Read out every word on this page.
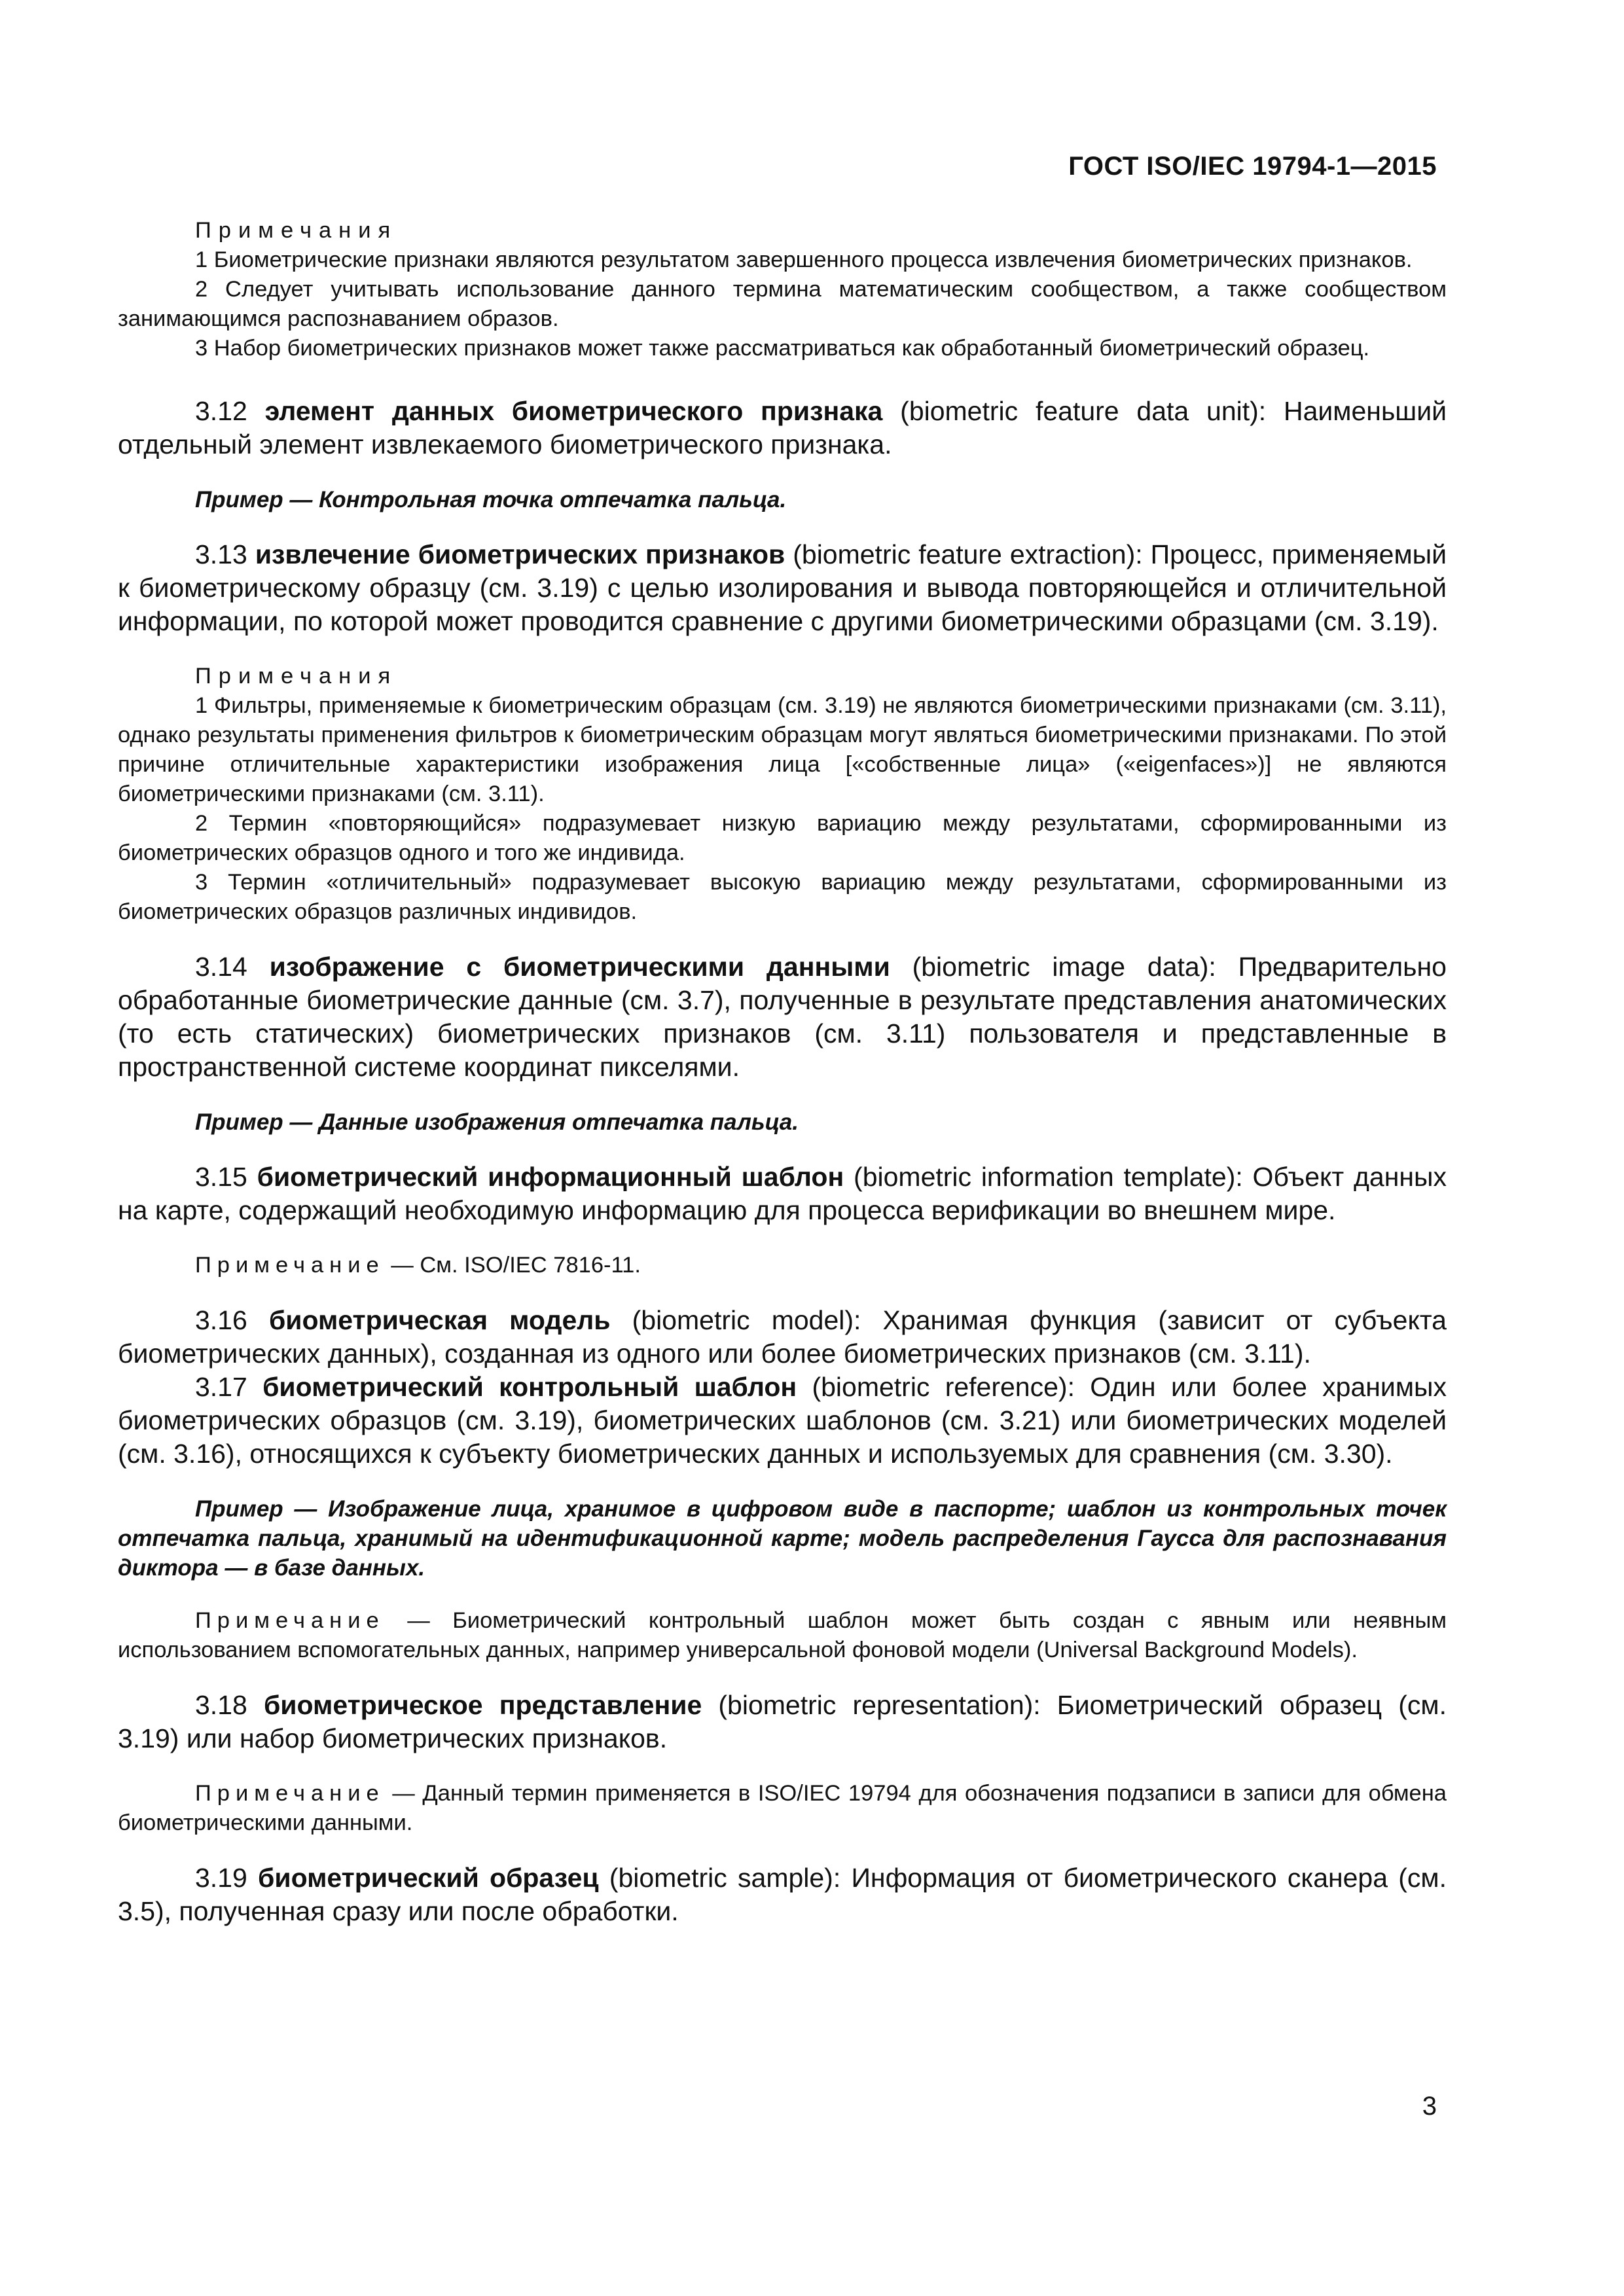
ГОСТ ISO/IEC 19794-1—2015

Примечания

1 Биометрические признаки являются результатом завершенного процесса извлечения биометрических признаков.

2 Следует учитывать использование данного термина математическим сообществом, а также сообществом занимающимся распознаванием образов.

3 Набор биометрических признаков может также рассматриваться как обработанный биометрический образец.

3.12 элемент данных биометрического признака (biometric feature data unit): Наименьший отдельный элемент извлекаемого биометрического признака.

Пример — Контрольная точка отпечатка пальца.

3.13 извлечение биометрических признаков (biometric feature extraction): Процесс, применяемый к биометрическому образцу (см. 3.19) с целью изолирования и вывода повторяющейся и отличительной информации, по которой может проводится сравнение с другими биометрическими образцами (см. 3.19).

Примечания

1 Фильтры, применяемые к биометрическим образцам (см. 3.19) не являются биометрическими признаками (см. 3.11), однако результаты применения фильтров к биометрическим образцам могут являться биометрическими признаками. По этой причине отличительные характеристики изображения лица [«собственные лица» («eigenfaces»)] не являются биометрическими признаками (см. 3.11).

2 Термин «повторяющийся» подразумевает низкую вариацию между результатами, сформированными из биометрических образцов одного и того же индивида.

3 Термин «отличительный» подразумевает высокую вариацию между результатами, сформированными из биометрических образцов различных индивидов.

3.14 изображение с биометрическими данными (biometric image data): Предварительно обработанные биометрические данные (см. 3.7), полученные в результате представления анатомических (то есть статических) биометрических признаков (см. 3.11) пользователя и представленные в пространственной системе координат пикселями.

Пример — Данные изображения отпечатка пальца.

3.15 биометрический информационный шаблон (biometric information template): Объект данных на карте, содержащий необходимую информацию для процесса верификации во внешнем мире.

Примечание — См. ISO/IEC 7816-11.

3.16 биометрическая модель (biometric model): Хранимая функция (зависит от субъекта биометрических данных), созданная из одного или более биометрических признаков (см. 3.11).

3.17 биометрический контрольный шаблон (biometric reference): Один или более хранимых биометрических образцов (см. 3.19), биометрических шаблонов (см. 3.21) или биометрических моделей (см. 3.16), относящихся к субъекту биометрических данных и используемых для сравнения (см. 3.30).

Пример — Изображение лица, хранимое в цифровом виде в паспорте; шаблон из контрольных точек отпечатка пальца, хранимый на идентификационной карте; модель распределения Гаусса для распознавания диктора — в базе данных.

Примечание — Биометрический контрольный шаблон может быть создан с явным или неявным использованием вспомогательных данных, например универсальной фоновой модели (Universal Background Models).

3.18 биометрическое представление (biometric representation): Биометрический образец (см. 3.19) или набор биометрических признаков.

Примечание — Данный термин применяется в ISO/IEC 19794 для обозначения подзаписи в записи для обмена биометрическими данными.

3.19 биометрический образец (biometric sample): Информация от биометрического сканера (см. 3.5), полученная сразу или после обработки.

3
